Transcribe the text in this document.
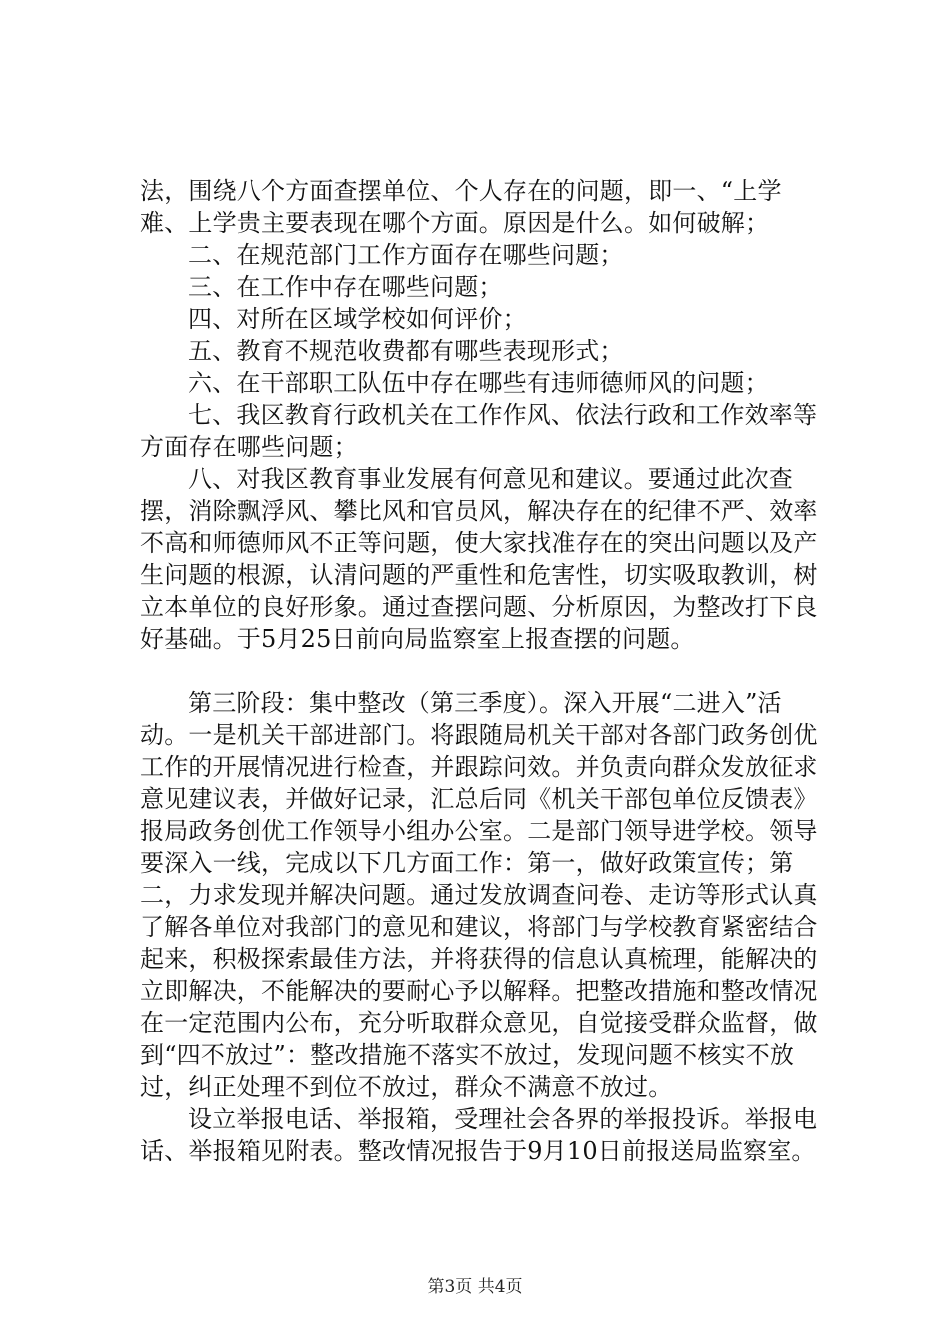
法，围绕八个方面查摆单位、个人存在的问题，即一、“上学难、上学贵主要表现在哪个方面。原因是什么。如何破解；

二、在规范部门工作方面存在哪些问题；

三、在工作中存在哪些问题；

四、对所在区域学校如何评价；

五、教育不规范收费都有哪些表现形式；

六、在干部职工队伍中存在哪些有违师德师风的问题；

七、我区教育行政机关在工作作风、依法行政和工作效率等方面存在哪些问题；

八、对我区教育事业发展有何意见和建议。要通过此次查摆，消除飘浮风、攀比风和官员风，解决存在的纪律不严、效率不高和师德师风不正等问题，使大家找准存在的突出问题以及产生问题的根源，认清问题的严重性和危害性，切实吸取教训，树立本单位的良好形象。通过查摆问题、分析原因，为整改打下良好基础。于5月25日前向局监察室上报查摆的问题。

第三阶段：集中整改（第三季度）。深入开展“二进入”活动。一是机关干部进部门。将跟随局机关干部对各部门政务创优工作的开展情况进行检查，并跟踪问效。并负责向群众发放征求意见建议表，并做好记录，汇总后同《机关干部包单位反馈表》报局政务创优工作领导小组办公室。二是部门领导进学校。领导要深入一线，完成以下几方面工作：第一，做好政策宣传；第二，力求发现并解决问题。通过发放调查问卷、走访等形式认真了解各单位对我部门的意见和建议，将部门与学校教育紧密结合起来，积极探索最佳方法，并将获得的信息认真梳理，能解决的立即解决，不能解决的要耐心予以解释。把整改措施和整改情况在一定范围内公布，充分听取群众意见，自觉接受群众监督，做到“四不放过”：整改措施不落实不放过，发现问题不核实不放过，纠正处理不到位不放过，群众不满意不放过。

设立举报电话、举报箱，受理社会各界的举报投诉。举报电话、举报箱见附表。整改情况报告于9月10日前报送局监察室。

第3页 共4页
